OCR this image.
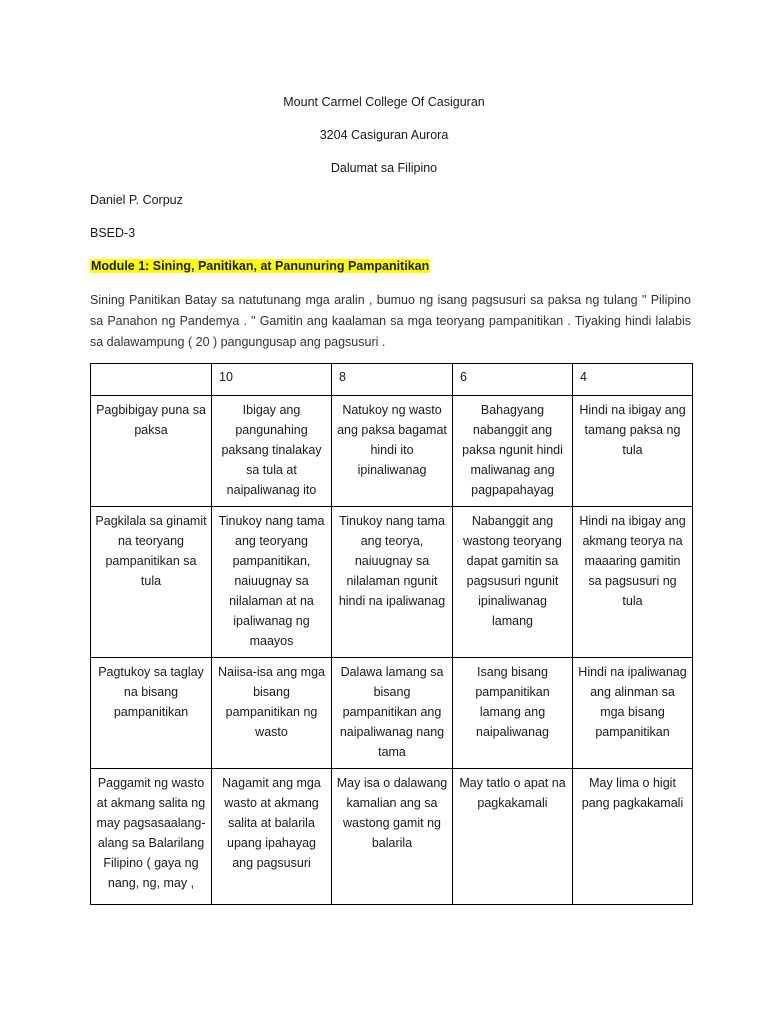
Mount Carmel College Of Casiguran
3204 Casiguran Aurora
Dalumat sa Filipino
Daniel P. Corpuz
BSED-3
Module 1: Sining, Panitikan, at Panunuring Pampanitikan
Sining Panitikan Batay sa natutunang mga aralin , bumuo ng isang pagsusuri sa paksa ng tulang " Pilipino sa Panahon ng Pandemya . " Gamitin ang kaalaman sa mga teoryang pampanitikan . Tiyaking hindi lalabis sa dalawampung ( 20 ) pangungusap ang pagsusuri .
	10	8	6	4
Pagbibigay puna sa paksa	Ibigay ang pangunahing paksang tinalakay sa tula at naipaliwanag ito	Natukoy ng wasto ang paksa bagamat hindi ito ipinaliwanag	Bahagyang nabanggit ang paksa ngunit hindi maliwanag ang pagpapahayag	Hindi na ibigay ang tamang paksa ng tula
Pagkilala sa ginamit na teoryang pampanitikan sa tula	Tinukoy nang tama ang teoryang pampanitikan, naiuugnay sa nilalaman at na ipaliwanag ng maayos	Tinukoy nang tama ang teorya, naiuugnay sa nilalaman ngunit hindi na ipaliwanag	Nabanggit ang wastong teoryang dapat gamitin sa pagsusuri ngunit ipinaliwanag lamang	Hindi na ibigay ang akmang teorya na maaaring gamitin sa pagsusuri ng tula
Pagtukoy sa taglay na bisang pampanitikan	Naiisa-isa ang mga bisang pampanitikan ng wasto	Dalawa lamang sa bisang pampanitikan ang naipaliwanag nang tama	Isang bisang pampanitikan lamang ang naipaliwanag	Hindi na ipaliwanag ang alinman sa mga bisang pampanitikan
Paggamit ng wasto at akmang salita ng may pagsasaalang-alang sa Balarilang Filipino ( gaya ng nang, ng, may ,	Nagamit ang mga wasto at akmang salita at balarila upang ipahayag ang pagsusuri	May isa o dalawang kamalian ang sa wastong gamit ng balarila	May tatlo o apat na pagkakamali	May lima o higit pang pagkakamali
